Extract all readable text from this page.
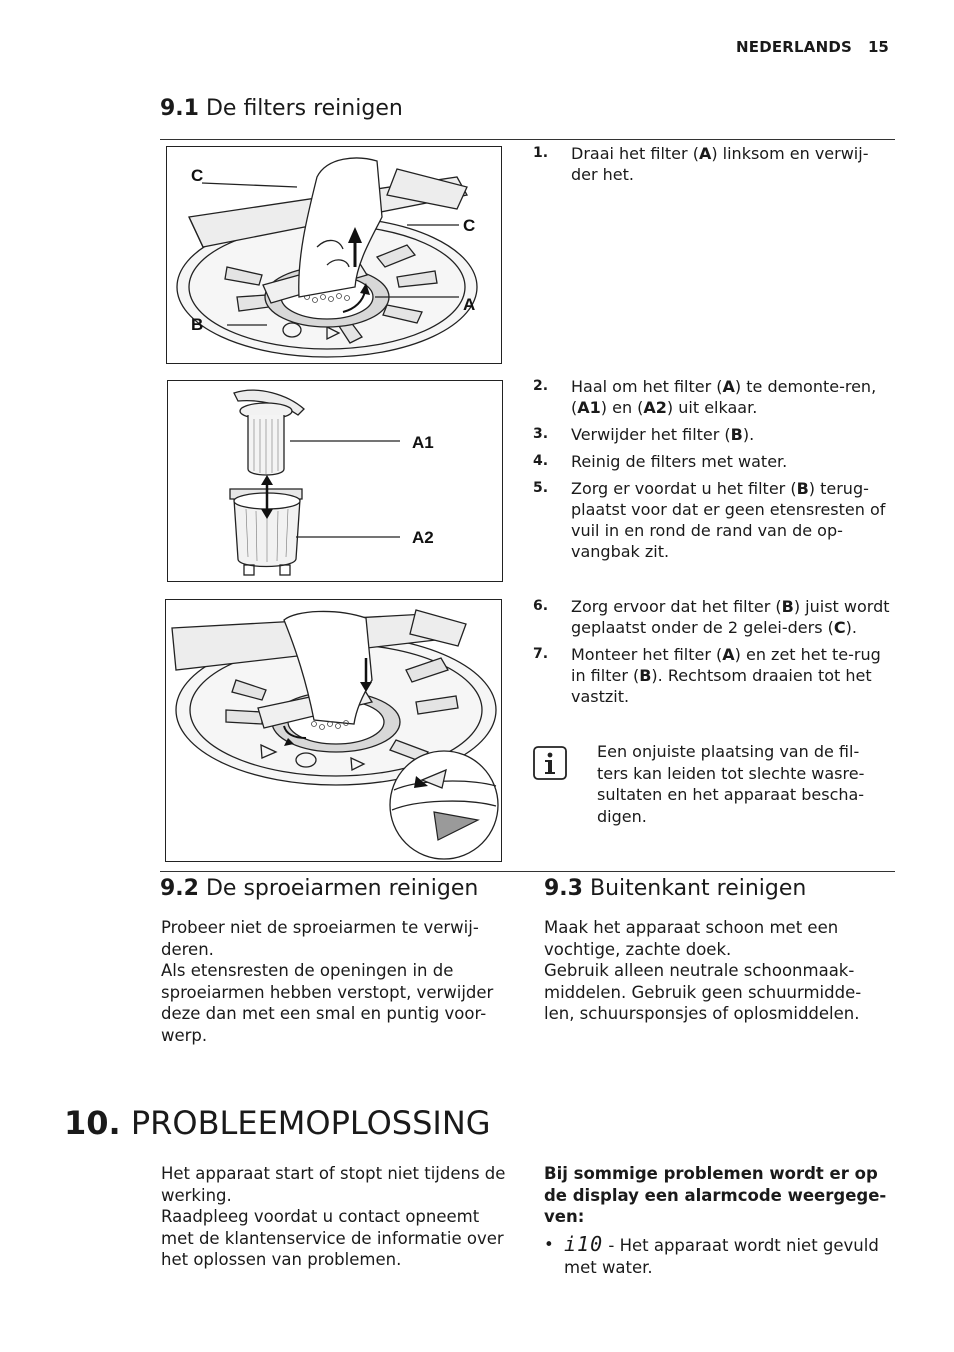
NEDERLANDS 15
9.1 De filters reinigen
C
C
A
B
A1
A2
1. Draai het filter (A) linksom en verwij-der het.
2. Haal om het filter (A) te demonte-ren, (A1) en (A2) uit elkaar.
3. Verwijder het filter (B).
4. Reinig de filters met water.
5. Zorg er voordat u het filter (B) terug-plaatst voor dat er geen etensresten of vuil in en rond de rand van de op-vangbak zit.
6. Zorg ervoor dat het filter (B) juist wordt geplaatst onder de 2 gelei-ders (C).
7. Monteer het filter (A) en zet het te-rug in filter (B). Rechtsom draaien tot het vastzit.
Een onjuiste plaatsing van de fil-ters kan leiden tot slechte wasre-sultaten en het apparaat bescha-digen.
9.2 De sproeiarmen reinigen	9.3 Buitenkant reinigen
Probeer niet de sproeiarmen te verwij-deren.
Als etensresten de openingen in de sproeiarmen hebben verstopt, verwijder deze dan met een smal en puntig voor-werp.
Maak het apparaat schoon met een vochtige, zachte doek.
Gebruik alleen neutrale schoonmaak-middelen. Gebruik geen schuurmidde-len, schuursponsjes of oplosmiddelen.
10. PROBLEEMOPLOSSING
Het apparaat start of stopt niet tijdens de werking.
Raadpleeg voordat u contact opneemt met de klantenservice de informatie over het oplossen van problemen.
Bij sommige problemen wordt er op de display een alarmcode weergege-ven:
• i10 - Het apparaat wordt niet gevuld met water.
